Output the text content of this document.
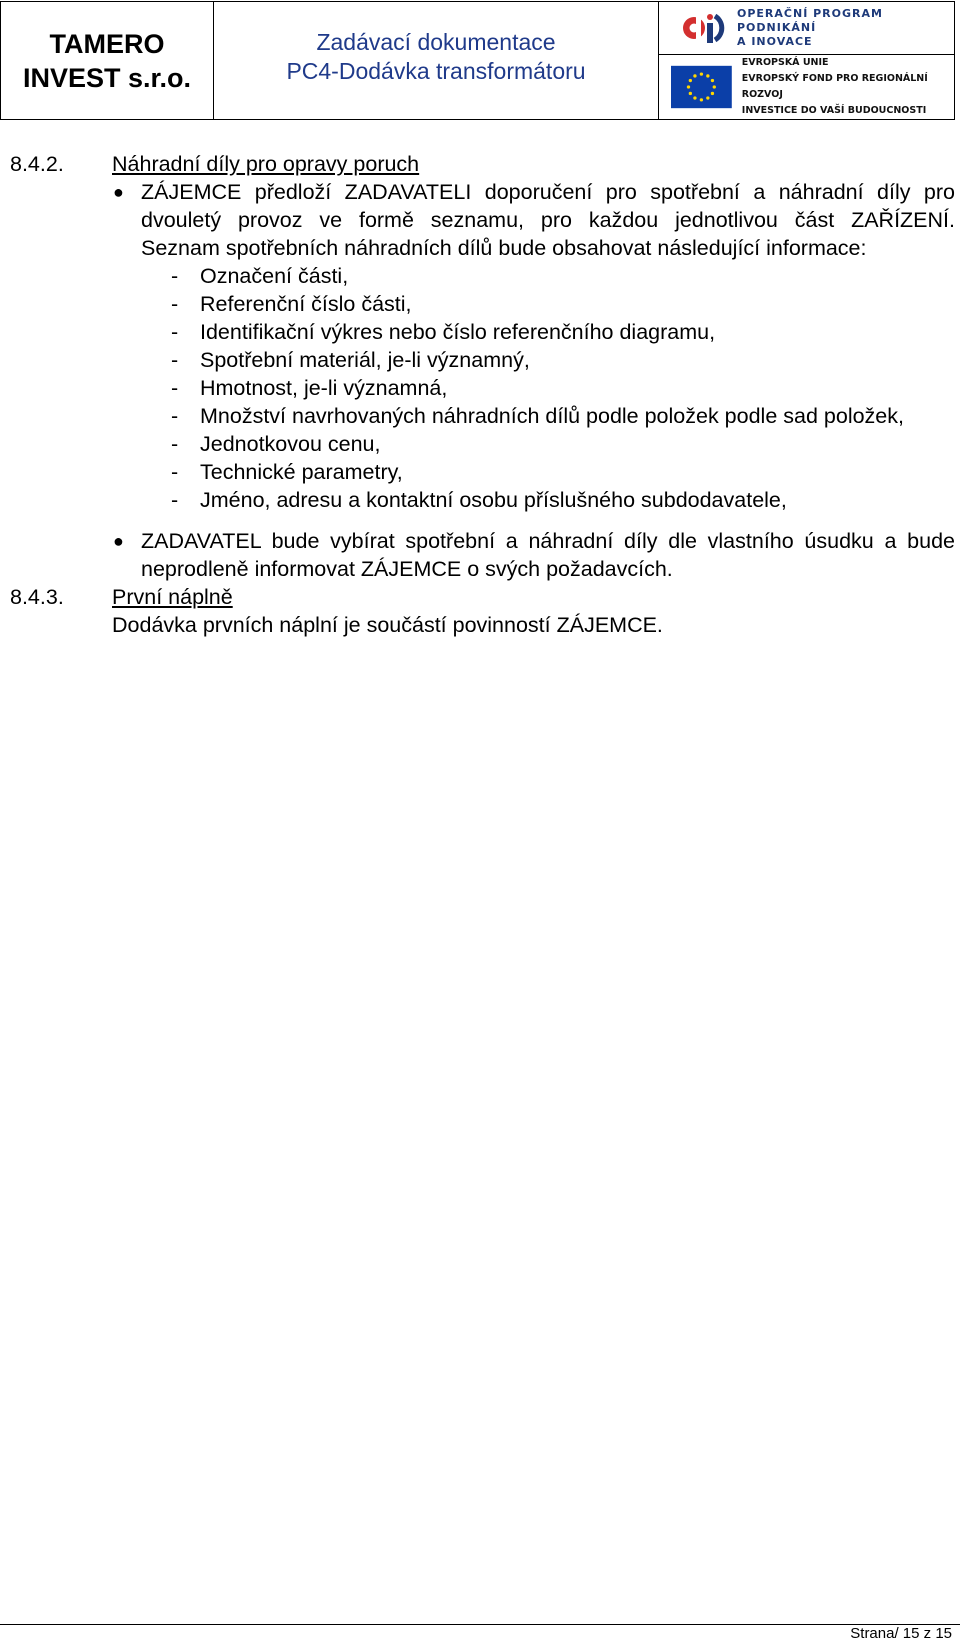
TAMERO
INVEST s.r.o.
Zadávací dokumentace
PC4-Dodávka transformátoru
OPERAČNÍ PROGRAM
PODNIKÁNÍ
A INOVACE
EVROPSKÁ UNIE
EVROPSKÝ FOND PRO REGIONÁLNÍ ROZVOJ
INVESTICE DO VAŠÍ BUDOUCNOSTI
8.4.2. Náhradní díly pro opravy poruch
● ZÁJEMCE předloží ZADAVATELI doporučení pro spotřební a náhradní díly pro
dvouletý provoz ve formě seznamu, pro každou jednotlivou část ZAŘÍZENÍ.
Seznam spotřebních náhradních dílů bude obsahovat následující informace:
- Označení části,
- Referenční číslo části,
- Identifikační výkres nebo číslo referenčního diagramu,
- Spotřební materiál, je-li významný,
- Hmotnost, je-li významná,
- Množství navrhovaných náhradních dílů podle položek podle sad položek,
- Jednotkovou cenu,
- Technické parametry,
- Jméno, adresu a kontaktní osobu příslušného subdodavatele,
● ZADAVATEL bude vybírat spotřební a náhradní díly dle vlastního úsudku a bude
neprodleně informovat ZÁJEMCE o svých požadavcích.
8.4.3. První náplně
Dodávka prvních náplní je součástí povinností ZÁJEMCE.
Strana/ 15 z 15
